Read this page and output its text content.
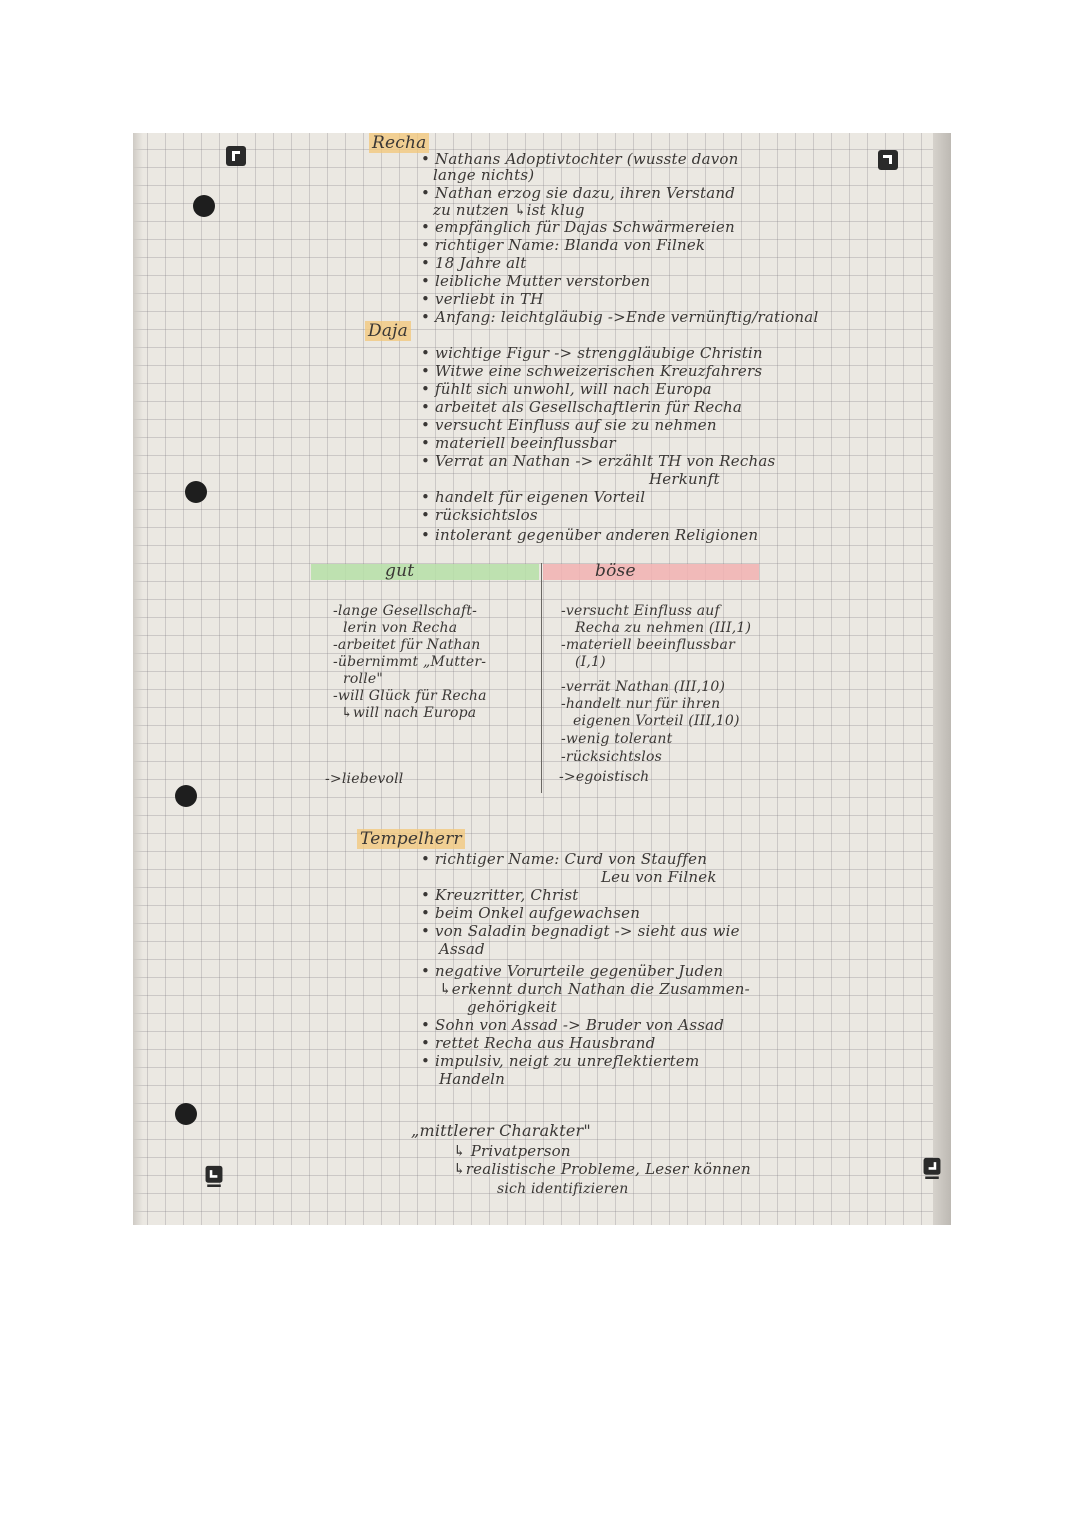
Recha
• Nathans Adoptivtochter (wusste davon
lange nichts)
• Nathan erzog sie dazu, ihren Verstand
zu nutzen ↳ist klug
• empfänglich für Dajas Schwärmereien
• richtiger Name: Blanda von Filnek
• 18 Jahre alt
• leibliche Mutter verstorben
• verliebt in TH
• Anfang: leichtgläubig ->Ende vernünftig/rational
Daja
• wichtige Figur -> strenggläubige Christin
• Witwe eine schweizerischen Kreuzfahrers
• fühlt sich unwohl, will nach Europa
• arbeitet als Gesellschaftlerin für Recha
• versucht Einfluss auf sie zu nehmen
• materiell beeinflussbar
• Verrat an Nathan -> erzählt TH von Rechas
Herkunft
• handelt für eigenen Vorteil
• rücksichtslos
• intolerant gegenüber anderen Religionen
gut	böse
-lange Gesellschaft-
lerin von Recha
-arbeitet für Nathan
-übernimmt „Mutter-
rolle"
-will Glück für Recha
↳will nach Europa
->liebevoll
-versucht Einfluss auf
Recha zu nehmen (III,1)
-materiell beeinflussbar
(I,1)
-verrät Nathan (III,10)
-handelt nur für ihren
eigenen Vorteil (III,10)
-wenig tolerant
-rücksichtslos
->egoistisch
Tempelherr
• richtiger Name: Curd von Stauffen
Leu von Filnek
• Kreuzritter, Christ
• beim Onkel aufgewachsen
• von Saladin begnadigt -> sieht aus wie
Assad
• negative Vorurteile gegenüber Juden
↳erkennt durch Nathan die Zusammen-
gehörigkeit
• Sohn von Assad -> Bruder von Assad
• rettet Recha aus Hausbrand
• impulsiv, neigt zu unreflektiertem
Handeln
„mittlerer Charakter"
↳ Privatperson
↳realistische Probleme, Leser können
sich identifizieren
